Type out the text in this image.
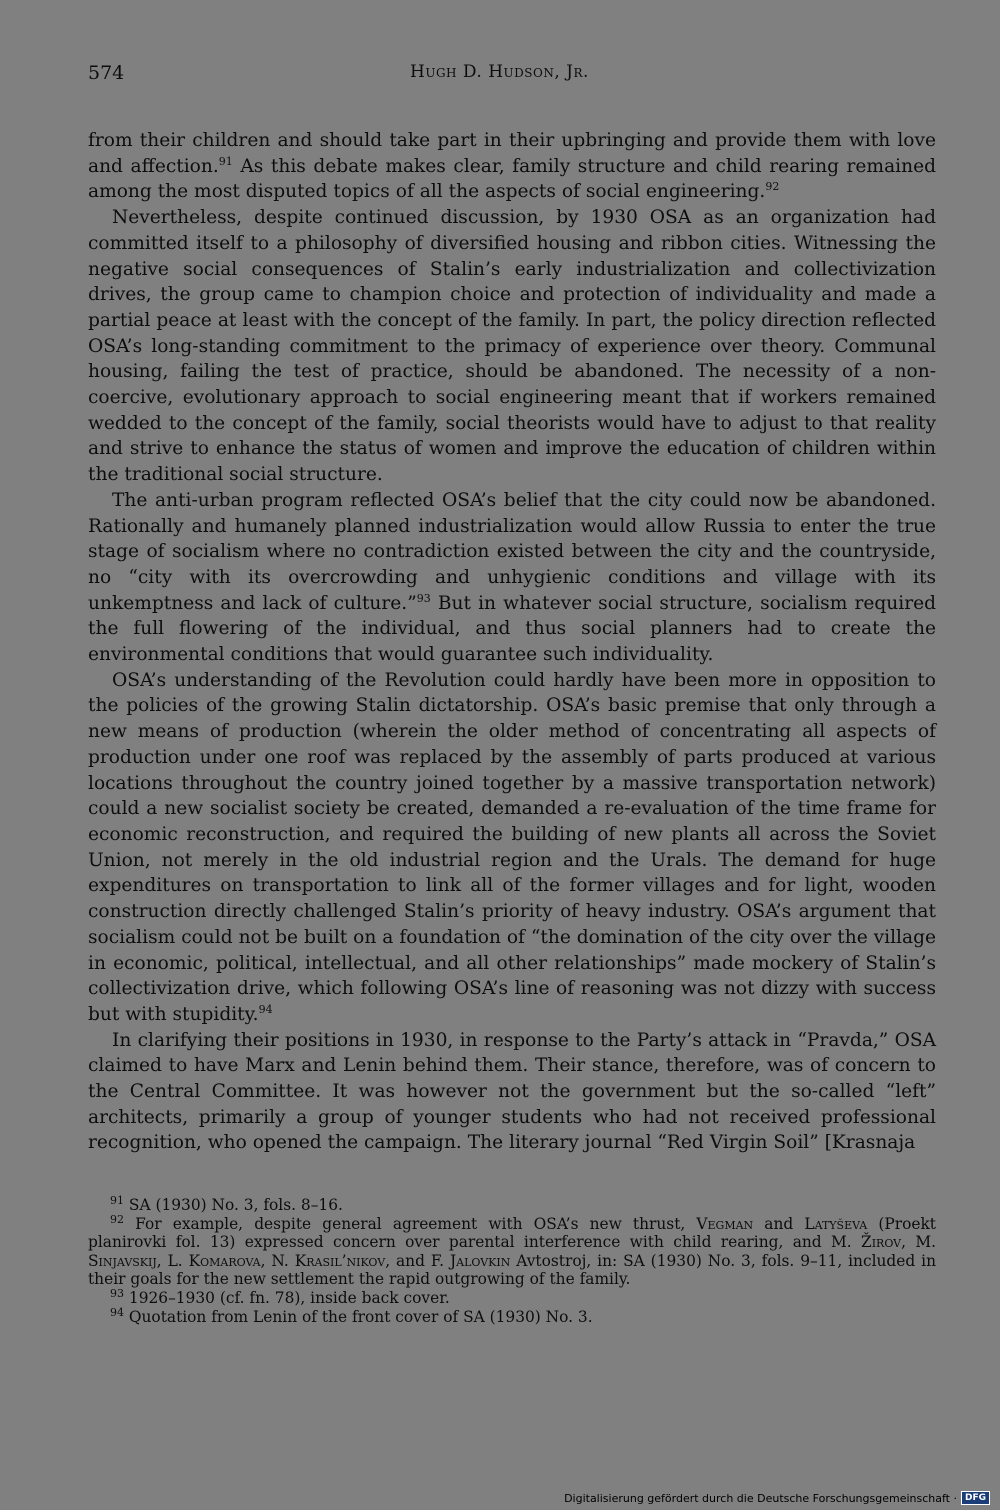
574	Hugh D. Hudson, Jr.

from their children and should take part in their upbringing and provide them with love and affection.$^{91}$ As this debate makes clear, family structure and child rearing remained among the most disputed topics of all the aspects of social engineering.$^{92}$

Nevertheless, despite continued discussion, by 1930 OSA as an organization had committed itself to a philosophy of diversified housing and ribbon cities. Witnessing the negative social consequences of Stalin’s early industrialization and collectivization drives, the group came to champion choice and protection of individuality and made a partial peace at least with the concept of the family. In part, the policy direction reflected OSA’s long-standing commitment to the primacy of experience over theory. Communal housing, failing the test of practice, should be abandoned. The necessity of a non-coercive, evolutionary approach to social engineering meant that if workers remained wedded to the concept of the family, social theorists would have to adjust to that reality and strive to enhance the status of women and improve the education of children within the traditional social structure.

The anti-urban program reflected OSA’s belief that the city could now be abandoned. Rationally and humanely planned industrialization would allow Russia to enter the true stage of socialism where no contradiction existed between the city and the countryside, no “city with its overcrowding and unhygienic conditions and village with its unkemptness and lack of culture.”$^{93}$ But in whatever social structure, socialism required the full flowering of the individual, and thus social planners had to create the environmental conditions that would guarantee such individuality.

OSA’s understanding of the Revolution could hardly have been more in opposition to the policies of the growing Stalin dictatorship. OSA’s basic premise that only through a new means of production (wherein the older method of concentrating all aspects of production under one roof was replaced by the assembly of parts produced at various locations throughout the country joined together by a massive transportation network) could a new socialist society be created, demanded a re-evaluation of the time frame for economic reconstruction, and required the building of new plants all across the Soviet Union, not merely in the old industrial region and the Urals. The demand for huge expenditures on transportation to link all of the former villages and for light, wooden construction directly challenged Stalin’s priority of heavy industry. OSA’s argument that socialism could not be built on a foundation of “the domination of the city over the village in economic, political, intellectual, and all other relationships” made mockery of Stalin’s collectivization drive, which following OSA’s line of reasoning was not dizzy with success but with stupidity.$^{94}$

In clarifying their positions in 1930, in response to the Party’s attack in “Pravda,” OSA claimed to have Marx and Lenin behind them. Their stance, therefore, was of concern to the Central Committee. It was however not the government but the so-called “left” architects, primarily a group of younger students who had not received professional recognition, who opened the campaign. The literary journal “Red Virgin Soil” [Krasnaja

$^{91}$ SA (1930) No. 3, fols. 8–16.

$^{92}$ For example, despite general agreement with OSA’s new thrust, Vegman and Latyševa (Proekt planirovki fol. 13) expressed concern over parental interference with child rearing, and M. Žirov, M. Sinjavskij, L. Komarova, N. Krasil’nikov, and F. Jalovkin Avtostroj, in: SA (1930) No. 3, fols. 9–11, included in their goals for the new settlement the rapid outgrowing of the family.

$^{93}$ 1926–1930 (cf. fn. 78), inside back cover.

$^{94}$ Quotation from Lenin of the front cover of SA (1930) No. 3.

Digitalisierung gefördert durch die Deutsche Forschungsgemeinschaft · DFG
